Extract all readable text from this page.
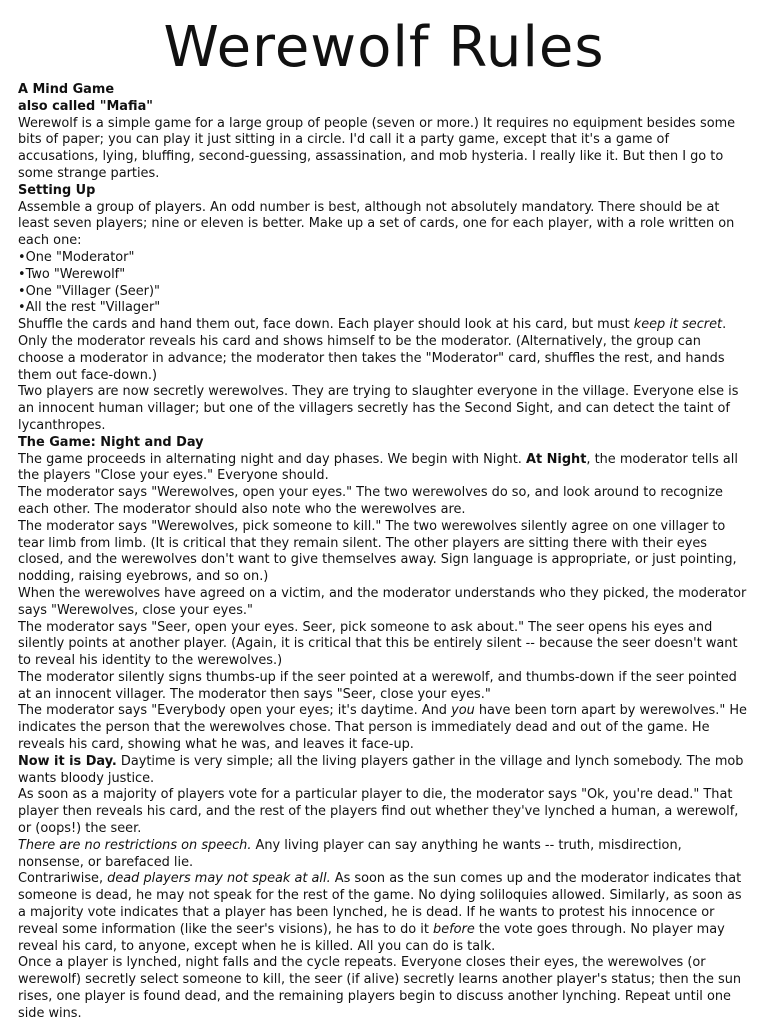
Werewolf Rules

A Mind Game

also called "Mafia"

Werewolf is a simple game for a large group of people (seven or more.) It requires no equipment besides some bits of paper; you can play it just sitting in a circle. I'd call it a party game, except that it's a game of accusations, lying, bluffing, second-guessing, assassination, and mob hysteria. I really like it. But then I go to some strange parties.

Setting Up

Assemble a group of players. An odd number is best, although not absolutely mandatory. There should be at least seven players; nine or eleven is better. Make up a set of cards, one for each player, with a role written on each one:

•One "Moderator"

•Two "Werewolf"

•One "Villager (Seer)"

•All the rest "Villager"

Shuffle the cards and hand them out, face down. Each player should look at his card, but must keep it secret. Only the moderator reveals his card and shows himself to be the moderator. (Alternatively, the group can choose a moderator in advance; the moderator then takes the "Moderator" card, shuffles the rest, and hands them out face-down.)

Two players are now secretly werewolves. They are trying to slaughter everyone in the village. Everyone else is an innocent human villager; but one of the villagers secretly has the Second Sight, and can detect the taint of lycanthropes.

The Game: Night and Day

The game proceeds in alternating night and day phases. We begin with Night. At Night, the moderator tells all the players "Close your eyes." Everyone should.

The moderator says "Werewolves, open your eyes." The two werewolves do so, and look around to recognize each other. The moderator should also note who the werewolves are.

The moderator says "Werewolves, pick someone to kill." The two werewolves silently agree on one villager to tear limb from limb. (It is critical that they remain silent. The other players are sitting there with their eyes closed, and the werewolves don't want to give themselves away. Sign language is appropriate, or just pointing, nodding, raising eyebrows, and so on.)

When the werewolves have agreed on a victim, and the moderator understands who they picked, the moderator says "Werewolves, close your eyes."

The moderator says "Seer, open your eyes. Seer, pick someone to ask about." The seer opens his eyes and silently points at another player. (Again, it is critical that this be entirely silent -- because the seer doesn't want to reveal his identity to the werewolves.)

The moderator silently signs thumbs-up if the seer pointed at a werewolf, and thumbs-down if the seer pointed at an innocent villager. The moderator then says "Seer, close your eyes."

The moderator says "Everybody open your eyes; it's daytime. And you have been torn apart by werewolves." He indicates the person that the werewolves chose. That person is immediately dead and out of the game. He reveals his card, showing what he was, and leaves it face-up.

Now it is Day. Daytime is very simple; all the living players gather in the village and lynch somebody. The mob wants bloody justice.

As soon as a majority of players vote for a particular player to die, the moderator says "Ok, you're dead." That player then reveals his card, and the rest of the players find out whether they've lynched a human, a werewolf, or (oops!) the seer.

There are no restrictions on speech. Any living player can say anything he wants -- truth, misdirection, nonsense, or barefaced lie.

Contrariwise, dead players may not speak at all. As soon as the sun comes up and the moderator indicates that someone is dead, he may not speak for the rest of the game. No dying soliloquies allowed. Similarly, as soon as a majority vote indicates that a player has been lynched, he is dead. If he wants to protest his innocence or reveal some information (like the seer's visions), he has to do it before the vote goes through. No player may reveal his card, to anyone, except when he is killed. All you can do is talk.

Once a player is lynched, night falls and the cycle repeats. Everyone closes their eyes, the werewolves (or werewolf) secretly select someone to kill, the seer (if alive) secretly learns another player's status; then the sun rises, one player is found dead, and the remaining players begin to discuss another lynching. Repeat until one side wins.
